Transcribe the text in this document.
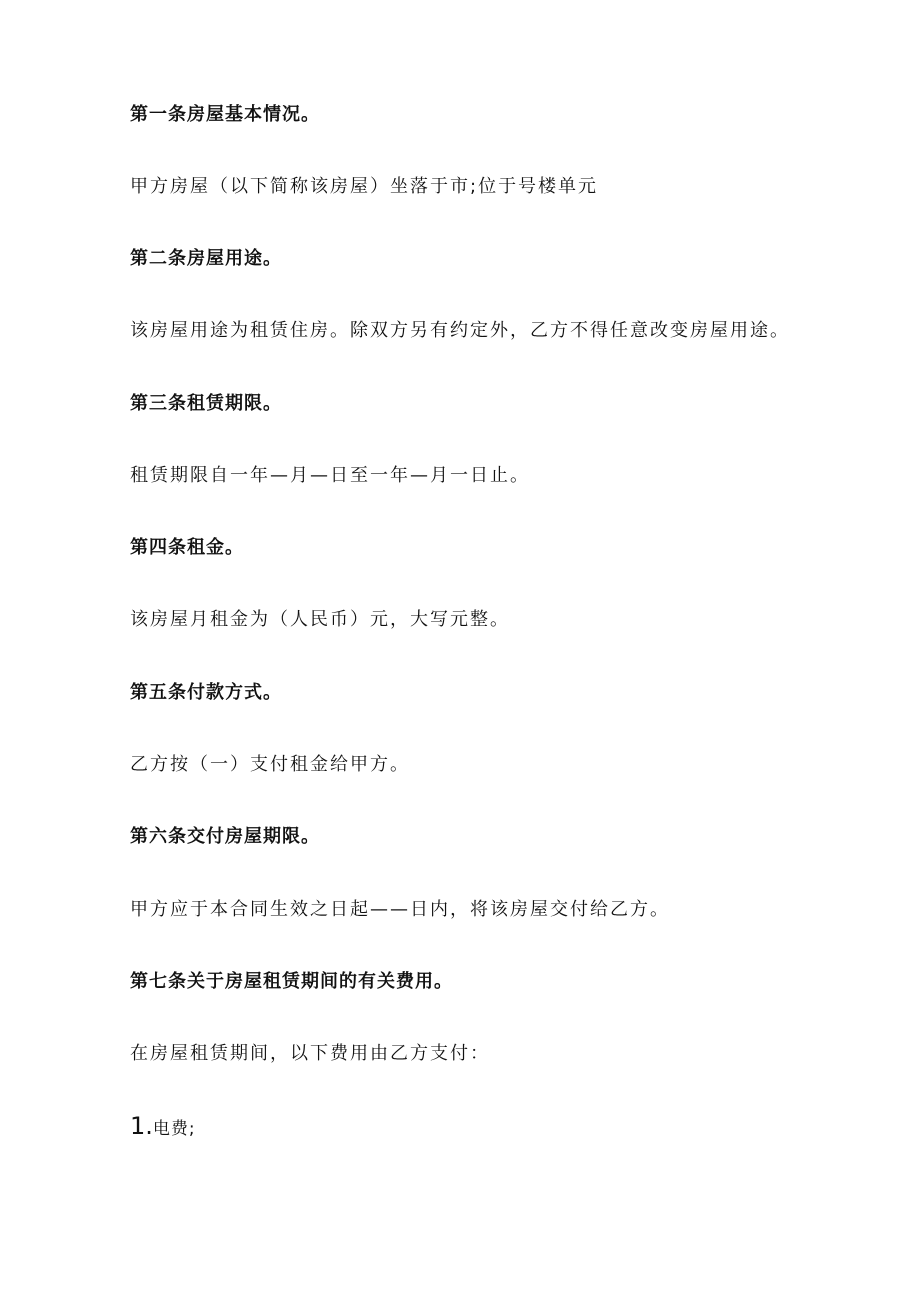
第一条房屋基本情况。
甲方房屋（以下简称该房屋）坐落于市;位于号楼单元
第二条房屋用途。
该房屋用途为租赁住房。除双方另有约定外，乙方不得任意改变房屋用途。
第三条租赁期限。
租赁期限自一年—月—日至一年—月一日止。
第四条租金。
该房屋月租金为（人民币）元，大写元整。
第五条付款方式。
乙方按（一）支付租金给甲方。
第六条交付房屋期限。
甲方应于本合同生效之日起——日内，将该房屋交付给乙方。
第七条关于房屋租赁期间的有关费用。
在房屋租赁期间，以下费用由乙方支付：
1.电费;
